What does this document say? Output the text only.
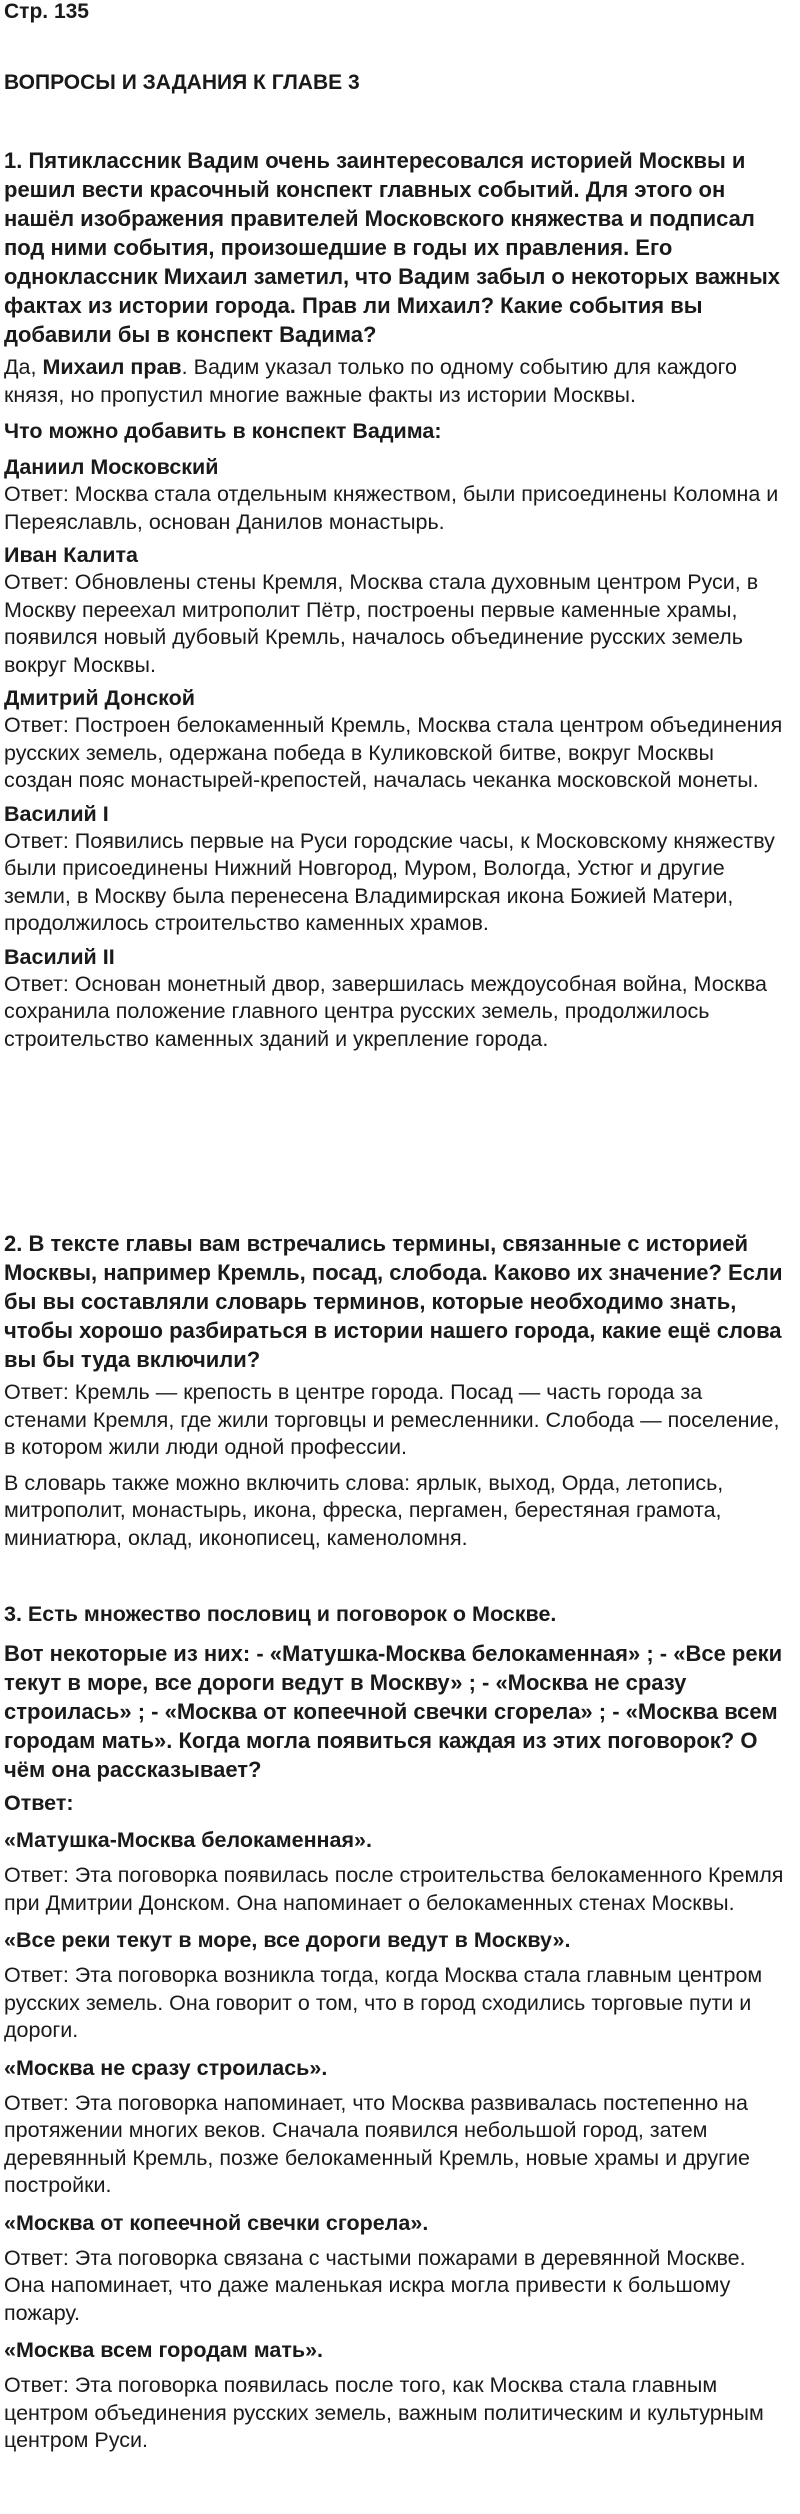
Стр. 135
ВОПРОСЫ И ЗАДАНИЯ К ГЛАВЕ 3

1. Пятиклассник Вадим очень заинтересовался историей Москвы и решил вести красочный конспект главных событий. Для этого он нашёл изображения правителей Московского княжества и подписал под ними события, произошедшие в годы их правления. Его одноклассник Михаил заметил, что Вадим забыл о некоторых важных фактах из истории города. Прав ли Михаил? Какие события вы добавили бы в конспект Вадима?

Да, Михаил прав. Вадим указал только по одному событию для каждого князя, но пропустил многие важные факты из истории Москвы.

Что можно добавить в конспект Вадима:

Даниил Московский

Ответ: Москва стала отдельным княжеством, были присоединены Коломна и Переяславль, основан Данилов монастырь.

Иван Калита

Ответ: Обновлены стены Кремля, Москва стала духовным центром Руси, в Москву переехал митрополит Пётр, построены первые каменные храмы, появился новый дубовый Кремль, началось объединение русских земель вокруг Москвы.

Дмитрий Донской

Ответ: Построен белокаменный Кремль, Москва стала центром объединения русских земель, одержана победа в Куликовской битве, вокруг Москвы создан пояс монастырей-крепостей, началась чеканка московской монеты.

Василий I

Ответ: Появились первые на Руси городские часы, к Московскому княжеству были присоединены Нижний Новгород, Муром, Вологда, Устюг и другие земли, в Москву была перенесена Владимирская икона Божией Матери, продолжилось строительство каменных храмов.

Василий II

Ответ: Основан монетный двор, завершилась междоусобная война, Москва сохранила положение главного центра русских земель, продолжилось строительство каменных зданий и укрепление города.

2. В тексте главы вам встречались термины, связанные с историей Москвы, например Кремль, посад, слобода. Каково их значение? Если бы вы составляли словарь терминов, которые необходимо знать, чтобы хорошо разбираться в истории нашего города, какие ещё слова вы бы туда включили?

Ответ: Кремль — крепость в центре города. Посад — часть города за стенами Кремля, где жили торговцы и ремесленники. Слобода — поселение, в котором жили люди одной профессии.

В словарь также можно включить слова: ярлык, выход, Орда, летопись, митрополит, монастырь, икона, фреска, пергамен, берестяная грамота, миниатюра, оклад, иконописец, каменоломня.

3. Есть множество пословиц и поговорок о Москве.

Вот некоторые из них: - «Матушка-Москва белокаменная» ; - «Все реки текут в море, все дороги ведут в Москву» ; - «Москва не сразу строилась» ; - «Москва от копеечной свечки сгорела» ; - «Москва всем городам мать». Когда могла появиться каждая из этих поговорок? О чём она рассказывает?

Ответ:

«Матушка-Москва белокаменная».

Ответ: Эта поговорка появилась после строительства белокаменного Кремля при Дмитрии Донском. Она напоминает о белокаменных стенах Москвы.

«Все реки текут в море, все дороги ведут в Москву».

Ответ: Эта поговорка возникла тогда, когда Москва стала главным центром русских земель. Она говорит о том, что в город сходились торговые пути и дороги.

«Москва не сразу строилась».

Ответ: Эта поговорка напоминает, что Москва развивалась постепенно на протяжении многих веков. Сначала появился небольшой город, затем деревянный Кремль, позже белокаменный Кремль, новые храмы и другие постройки.

«Москва от копеечной свечки сгорела».

Ответ: Эта поговорка связана с частыми пожарами в деревянной Москве. Она напоминает, что даже маленькая искра могла привести к большому пожару.

«Москва всем городам мать».

Ответ: Эта поговорка появилась после того, как Москва стала главным центром объединения русских земель, важным политическим и культурным центром Руси.
